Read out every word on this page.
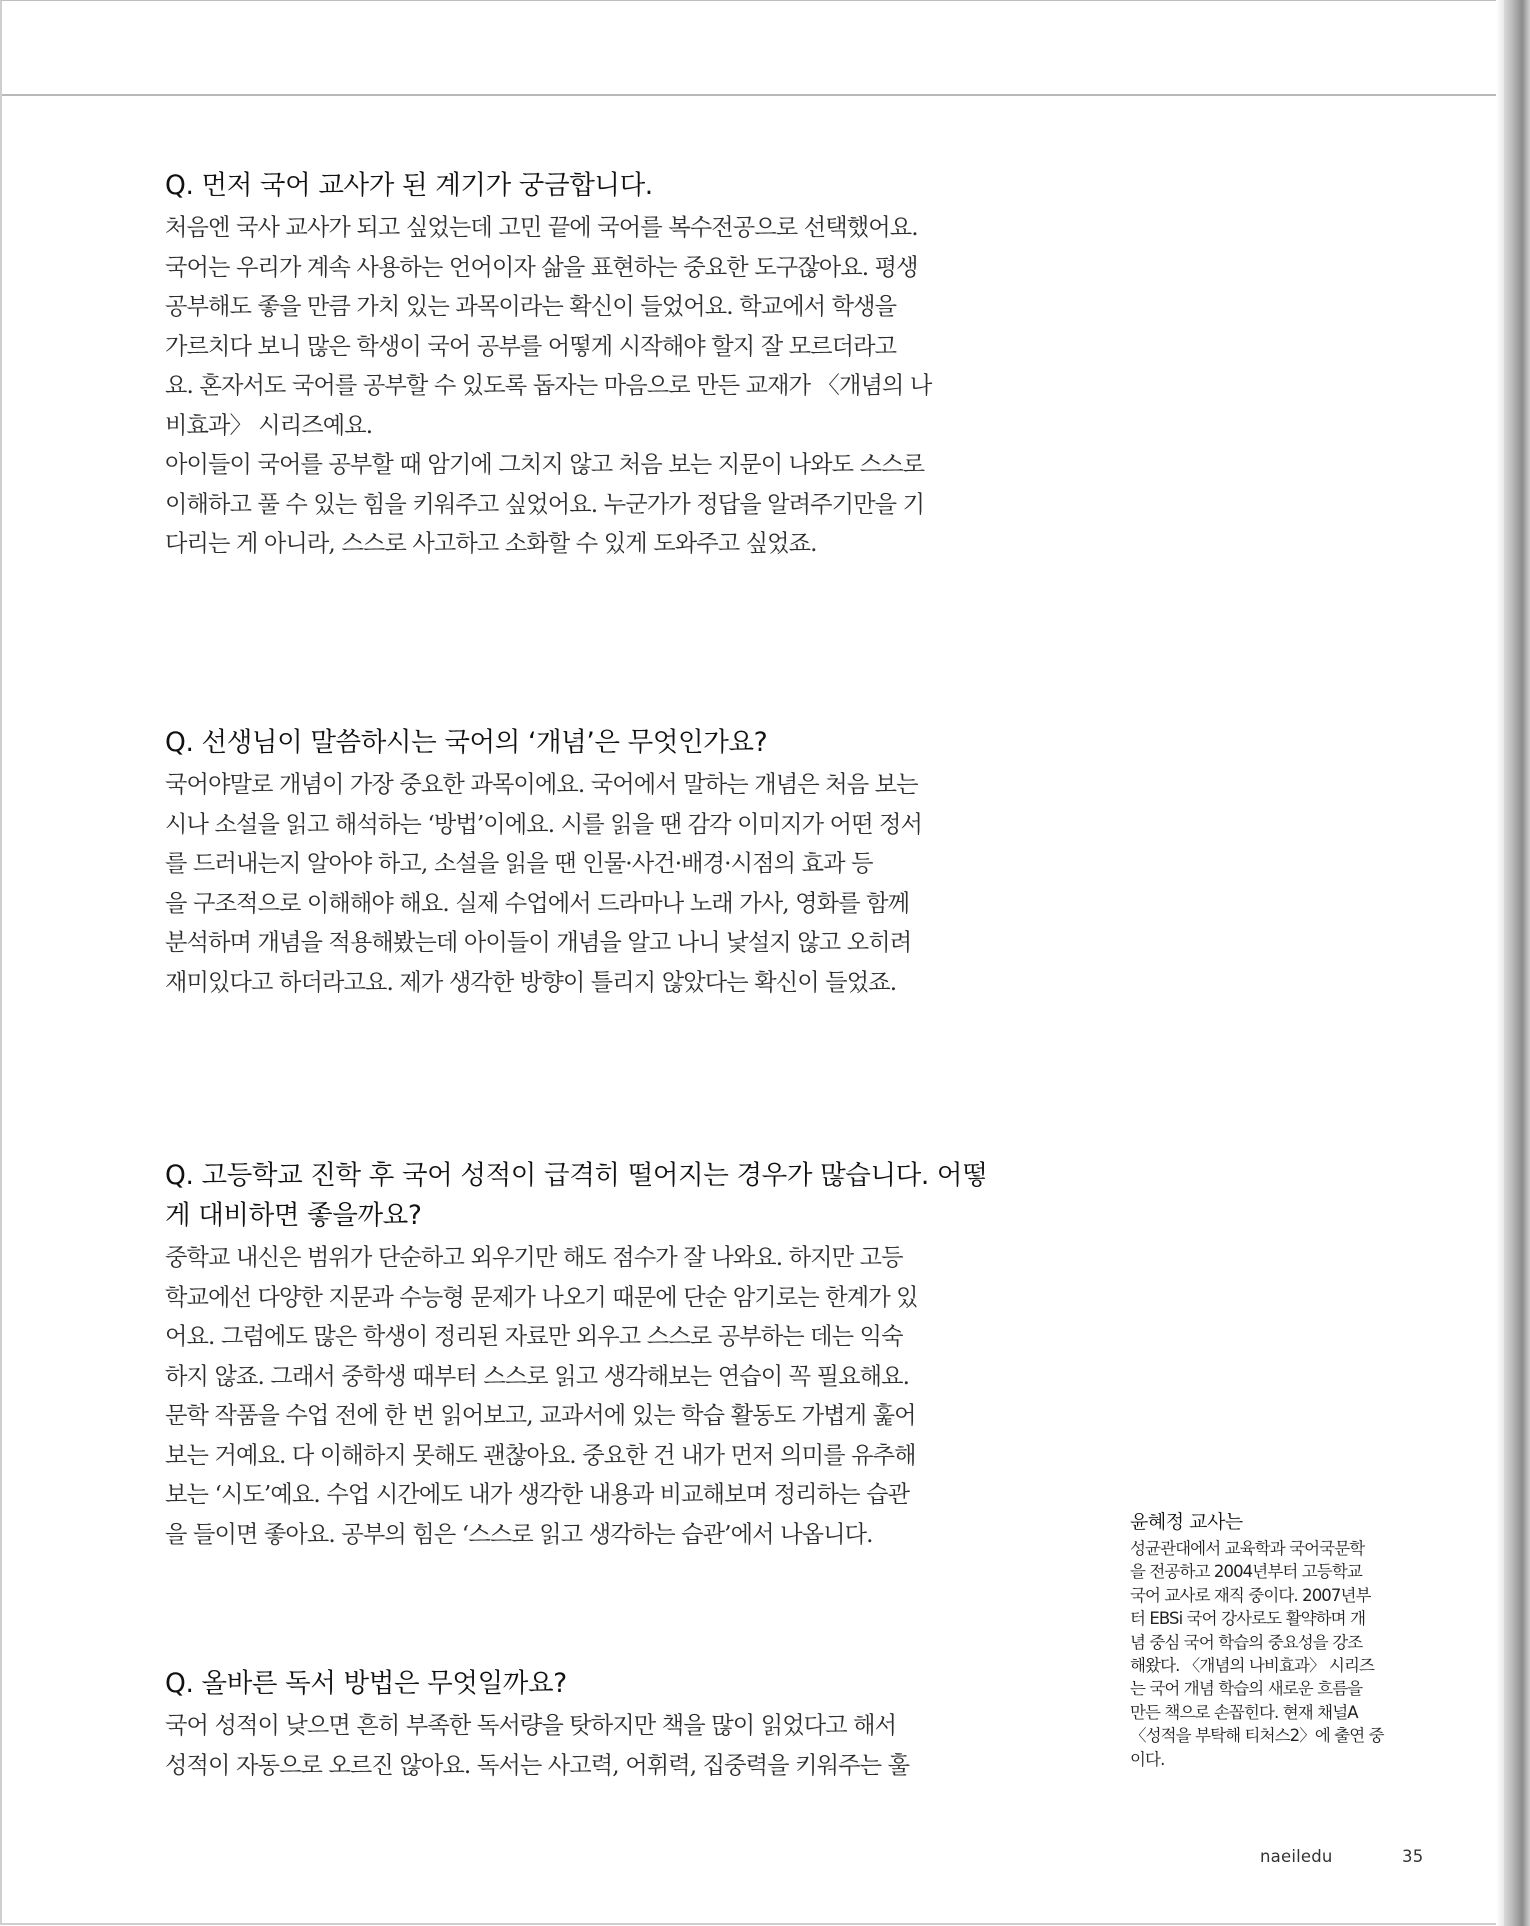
Q. 먼저 국어 교사가 된 계기가 궁금합니다.

처음엔 국사 교사가 되고 싶었는데 고민 끝에 국어를 복수전공으로 선택했어요.
국어는 우리가 계속 사용하는 언어이자 삶을 표현하는 중요한 도구잖아요. 평생
공부해도 좋을 만큼 가치 있는 과목이라는 확신이 들었어요. 학교에서 학생을
가르치다 보니 많은 학생이 국어 공부를 어떻게 시작해야 할지 잘 모르더라고
요. 혼자서도 국어를 공부할 수 있도록 돕자는 마음으로 만든 교재가 〈개념의 나
비효과〉 시리즈예요.
아이들이 국어를 공부할 때 암기에 그치지 않고 처음 보는 지문이 나와도 스스로
이해하고 풀 수 있는 힘을 키워주고 싶었어요. 누군가가 정답을 알려주기만을 기
다리는 게 아니라, 스스로 사고하고 소화할 수 있게 도와주고 싶었죠.

Q. 선생님이 말씀하시는 국어의 ‘개념’은 무엇인가요?

국어야말로 개념이 가장 중요한 과목이에요. 국어에서 말하는 개념은 처음 보는
시나 소설을 읽고 해석하는 ‘방법’이에요. 시를 읽을 땐 감각 이미지가 어떤 정서
를 드러내는지 알아야 하고, 소설을 읽을 땐 인물·사건·배경·시점의 효과 등
을 구조적으로 이해해야 해요. 실제 수업에서 드라마나 노래 가사, 영화를 함께
분석하며 개념을 적용해봤는데 아이들이 개념을 알고 나니 낯설지 않고 오히려
재미있다고 하더라고요. 제가 생각한 방향이 틀리지 않았다는 확신이 들었죠.

Q. 고등학교 진학 후 국어 성적이 급격히 떨어지는 경우가 많습니다. 어떻
게 대비하면 좋을까요?

중학교 내신은 범위가 단순하고 외우기만 해도 점수가 잘 나와요. 하지만 고등
학교에선 다양한 지문과 수능형 문제가 나오기 때문에 단순 암기로는 한계가 있
어요. 그럼에도 많은 학생이 정리된 자료만 외우고 스스로 공부하는 데는 익숙
하지 않죠. 그래서 중학생 때부터 스스로 읽고 생각해보는 연습이 꼭 필요해요.
문학 작품을 수업 전에 한 번 읽어보고, 교과서에 있는 학습 활동도 가볍게 훑어
보는 거예요. 다 이해하지 못해도 괜찮아요. 중요한 건 내가 먼저 의미를 유추해
보는 ‘시도’예요. 수업 시간에도 내가 생각한 내용과 비교해보며 정리하는 습관
을 들이면 좋아요. 공부의 힘은 ‘스스로 읽고 생각하는 습관’에서 나옵니다.

Q. 올바른 독서 방법은 무엇일까요?

국어 성적이 낮으면 흔히 부족한 독서량을 탓하지만 책을 많이 읽었다고 해서
성적이 자동으로 오르진 않아요. 독서는 사고력, 어휘력, 집중력을 키워주는 훌

윤혜정 교사는
성균관대에서 교육학과 국어국문학
을 전공하고 2004년부터 고등학교
국어 교사로 재직 중이다. 2007년부
터 EBSi 국어 강사로도 활약하며 개
념 중심 국어 학습의 중요성을 강조
해왔다. 〈개념의 나비효과〉 시리즈
는 국어 개념 학습의 새로운 흐름을
만든 책으로 손꼽힌다. 현재 채널A
〈성적을 부탁해 티처스2〉에 출연 중
이다.
naeiledu	35
